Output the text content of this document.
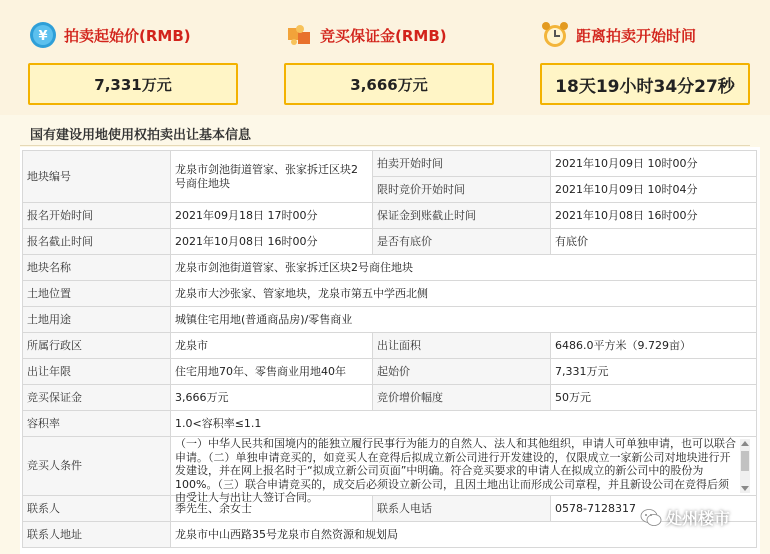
¥ 拍卖起始价(RMB)
7,331万元
竞买保证金(RMB)
3,666万元
距离拍卖开始时间
18天19小时34分27秒
国有建设用地使用权拍卖出让基本信息
地块编号	龙泉市剑池街道管家、张家拆迁区块2号商住地块	拍卖开始时间	2021年10月09日 10时00分
		限时竞价开始时间	2021年10月09日 10时04分
报名开始时间	2021年09月18日 17时00分	保证金到账截止时间	2021年10月08日 16时00分
报名截止时间	2021年10月08日 16时00分	是否有底价	有底价
地块名称	龙泉市剑池街道管家、张家拆迁区块2号商住地块		
土地位置	龙泉市大沙张家、管家地块，龙泉市第五中学西北侧		
土地用途	城镇住宅用地(普通商品房)/零售商业		
所属行政区	龙泉市	出让面积	6486.0平方米（9.729亩）
出让年限	住宅用地70年、零售商业用地40年	起始价	7,331万元
竞买保证金	3,666万元	竞价增价幅度	50万元
容积率	1.0<容积率≤1.1		
竞买人条件	（一）中华人民共和国境内的能独立履行民事行为能力的自然人、法人和其他组织，申请人可单独申请，也可以联合申请。（二）单独申请竞买的，如竞买人在竞得后拟成立新公司进行开发建设的，仅限成立一家新公司对地块进行开发建设，并在网上报名时于“拟成立新公司页面”中明确。符合竞买要求的申请人在拟成立的新公司中的股份为100%。（三）联合申请竞买的，成交后必须设立新公司，且因土地出让而形成公司章程，并且新设公司在竞得后须由受让人与出让人签订合同。		

联系人	季先生、余女士	联系人电话	0578-7128317
联系人地址	龙泉市中山西路35号龙泉市自然资源和规划局		
处州楼市
